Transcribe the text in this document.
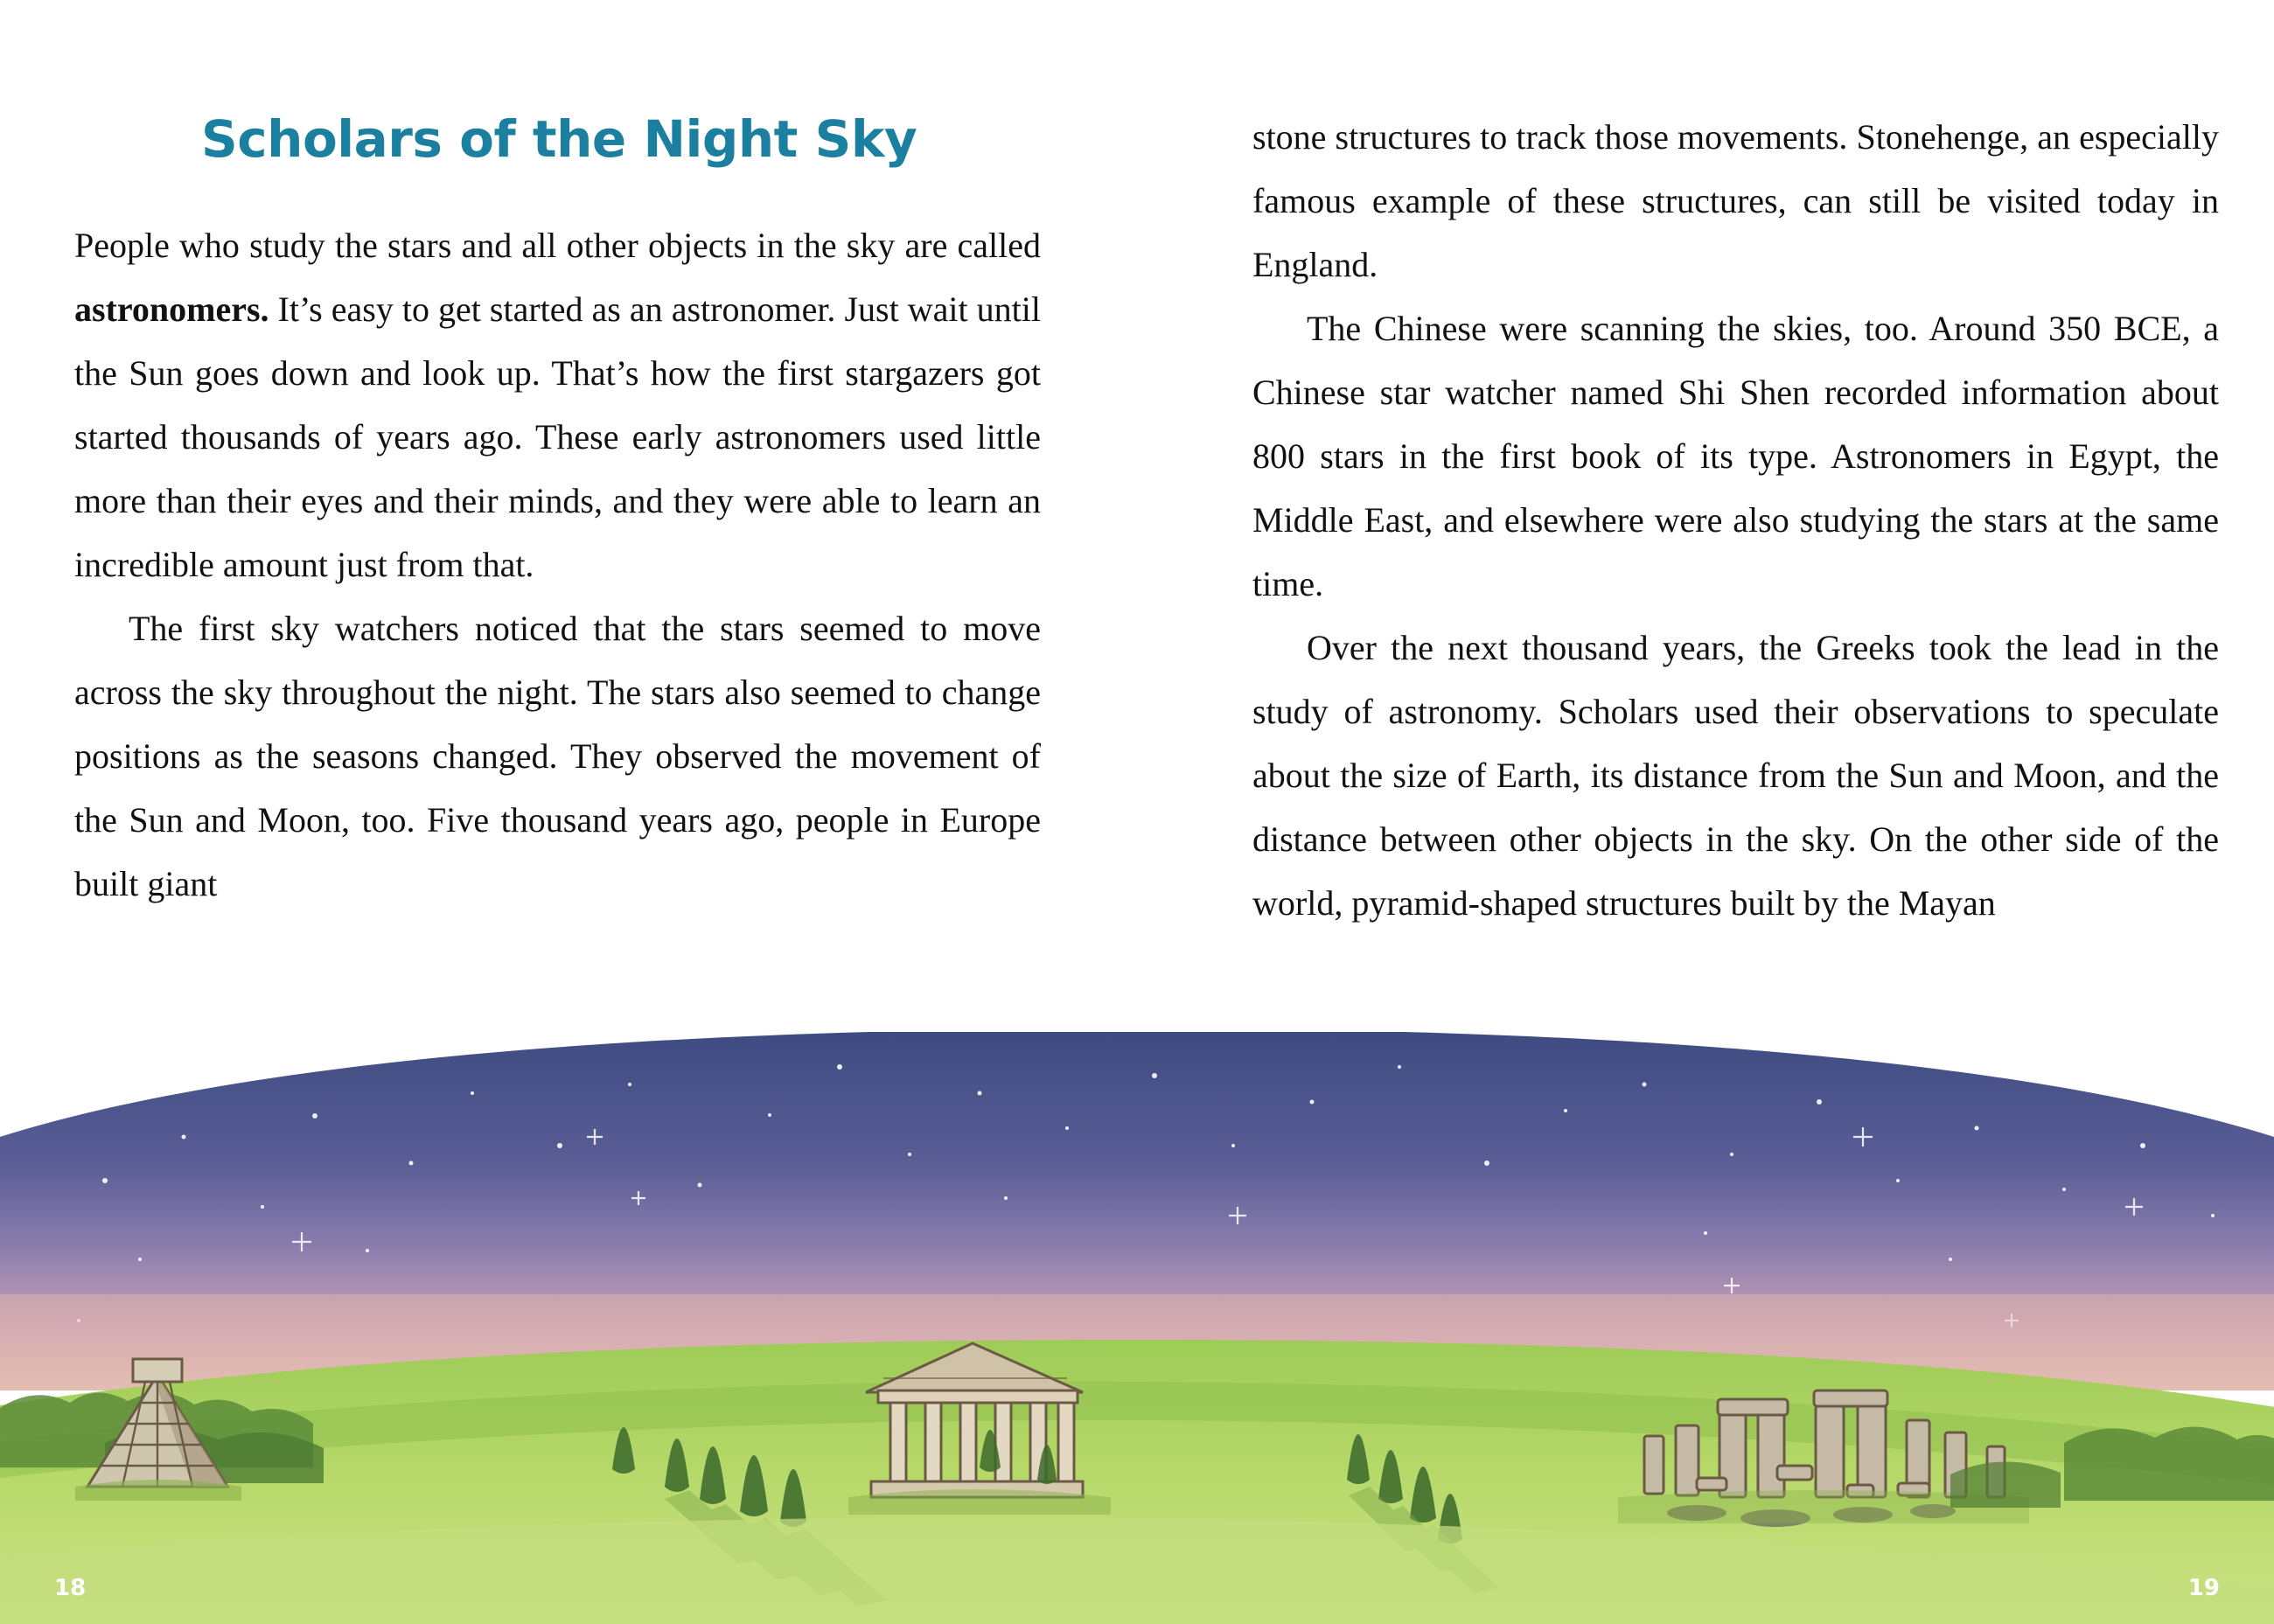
Scholars of the Night Sky

People who study the stars and all other objects in the sky are called astronomers. It’s easy to get started as an astronomer. Just wait until the Sun goes down and look up. That’s how the first stargazers got started thousands of years ago. These early astronomers used little more than their eyes and their minds, and they were able to learn an incredible amount just from that.

The first sky watchers noticed that the stars seemed to move across the sky throughout the night. The stars also seemed to change positions as the seasons changed. They observed the movement of the Sun and Moon, too. Five thousand years ago, people in Europe built giant

stone structures to track those movements. Stonehenge, an especially famous example of these structures, can still be visited today in England.

The Chinese were scanning the skies, too. Around 350 BCE, a Chinese star watcher named Shi Shen recorded information about 800 stars in the first book of its type. Astronomers in Egypt, the Middle East, and elsewhere were also studying the stars at the same time.

Over the next thousand years, the Greeks took the lead in the study of astronomy. Scholars used their observations to speculate about the size of Earth, its distance from the Sun and Moon, and the distance between other objects in the sky. On the other side of the world, pyramid-shaped structures built by the Mayan

18	19
